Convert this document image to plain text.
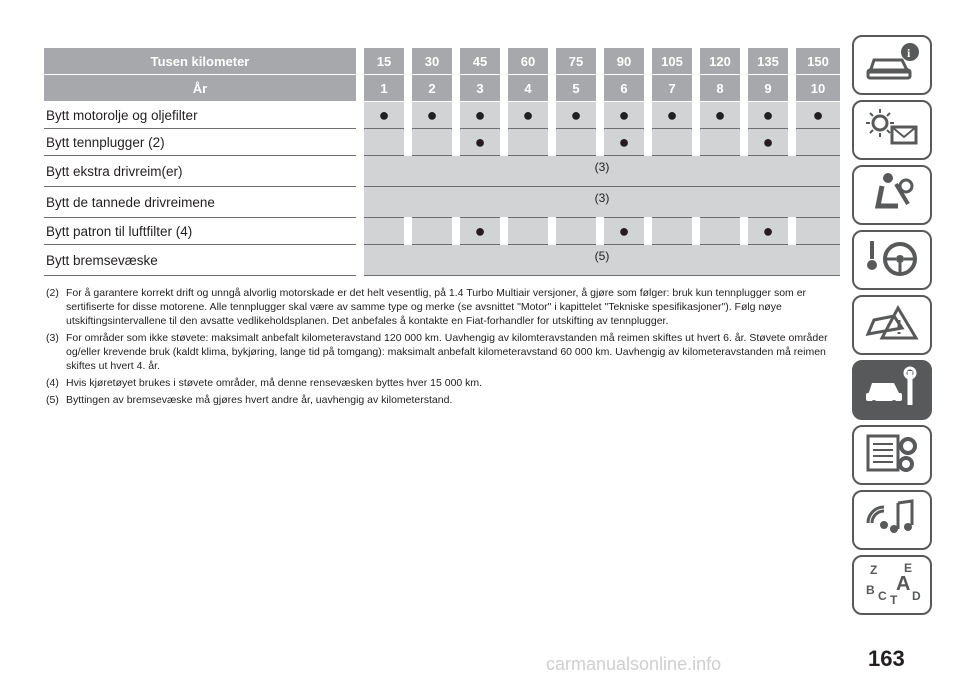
Tusen kilometer	15	30	45	60	75	90	105	120	135	150
År	1	2	3	4	5	6	7	8	9	10
Bytt motorolje og oljefilter	●	●	●	●	●	●	●	●	●	●
Bytt tennplugger (2)			●			●			●	
Bytt ekstra drivreim(er)	(3)									
Bytt de tannede drivreimene	(3)									
Bytt patron til luftfilter (4)			●			●			●	
Bytt bremsevæske	(5)									
(2) For å garantere korrekt drift og unngå alvorlig motorskade er det helt vesentlig, på 1.4 Turbo Multiair versjoner, å gjøre som følger: bruk kun tennplugger som er sertifiserte for disse motorene. Alle tennplugger skal være av samme type og merke (se avsnittet "Motor" i kapittelet "Tekniske spesifikasjoner"). Følg nøye utskiftingsintervallene til den avsatte vedlikeholdsplanen. Det anbefales å kontakte en Fiat-forhandler for utskifting av tennplugger.
(3) For områder som ikke støvete: maksimalt anbefalt kilometeravstand 120 000 km. Uavhengig av kilomteravstanden må reimen skiftes ut hvert 6. år. Støvete områder og/eller krevende bruk (kaldt klima, bykjøring, lange tid på tomgang): maksimalt anbefalt kilometeravstand 60 000 km. Uavhengig av kilometeravstanden må reimen skiftes ut hvert 4. år.
(4) Hvis kjøretøyet brukes i støvete områder, må denne rensevæsken byttes hver 15 000 km.
(5) Byttingen av bremsevæske må gjøres hvert andre år, uavhengig av kilometerstand.
i
Z E
B A
C D
T
carmanualsonline.info	163
